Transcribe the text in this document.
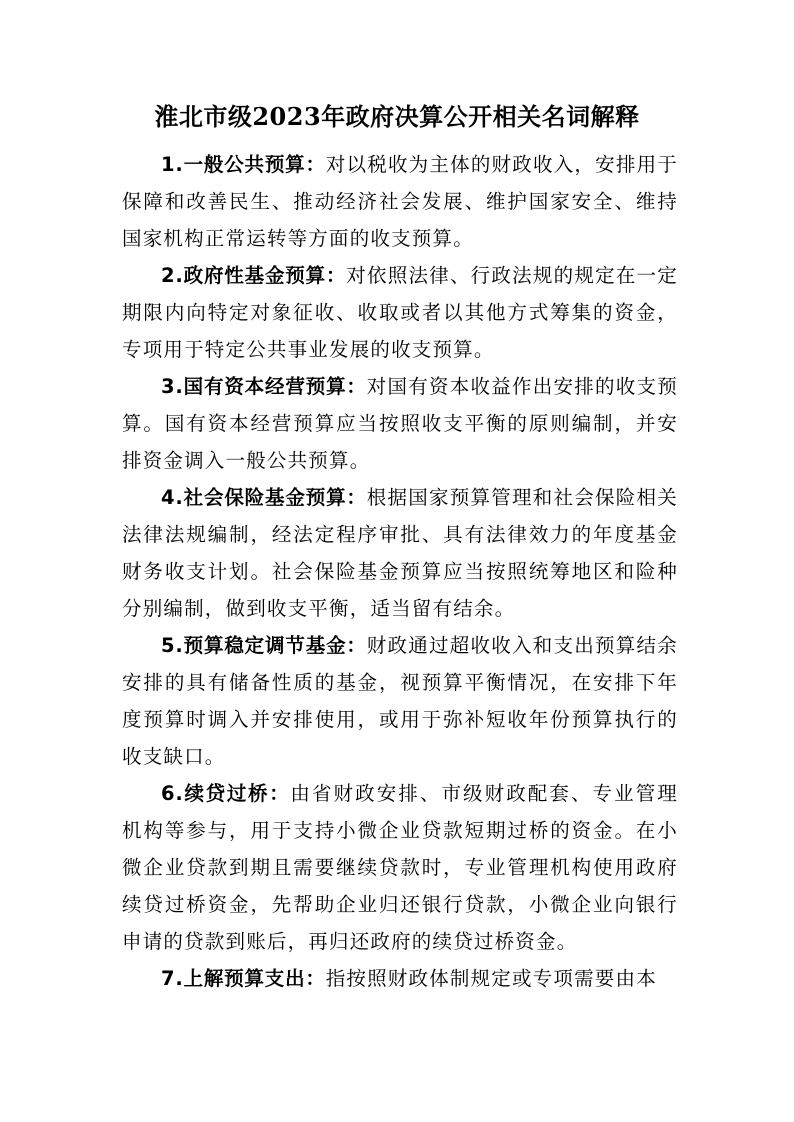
淮北市级2023年政府决算公开相关名词解释

1.一般公共预算：对以税收为主体的财政收入，安排用于保障和改善民生、推动经济社会发展、维护国家安全、维持国家机构正常运转等方面的收支预算。

2.政府性基金预算：对依照法律、行政法规的规定在一定期限内向特定对象征收、收取或者以其他方式筹集的资金，专项用于特定公共事业发展的收支预算。

3.国有资本经营预算：对国有资本收益作出安排的收支预算。国有资本经营预算应当按照收支平衡的原则编制，并安排资金调入一般公共预算。

4.社会保险基金预算：根据国家预算管理和社会保险相关法律法规编制，经法定程序审批、具有法律效力的年度基金财务收支计划。社会保险基金预算应当按照统筹地区和险种分别编制，做到收支平衡，适当留有结余。

5.预算稳定调节基金：财政通过超收收入和支出预算结余安排的具有储备性质的基金，视预算平衡情况，在安排下年度预算时调入并安排使用，或用于弥补短收年份预算执行的收支缺口。

6.续贷过桥：由省财政安排、市级财政配套、专业管理机构等参与，用于支持小微企业贷款短期过桥的资金。在小微企业贷款到期且需要继续贷款时，专业管理机构使用政府续贷过桥资金，先帮助企业归还银行贷款，小微企业向银行申请的贷款到账后，再归还政府的续贷过桥资金。

7.上解预算支出：指按照财政体制规定或专项需要由本
